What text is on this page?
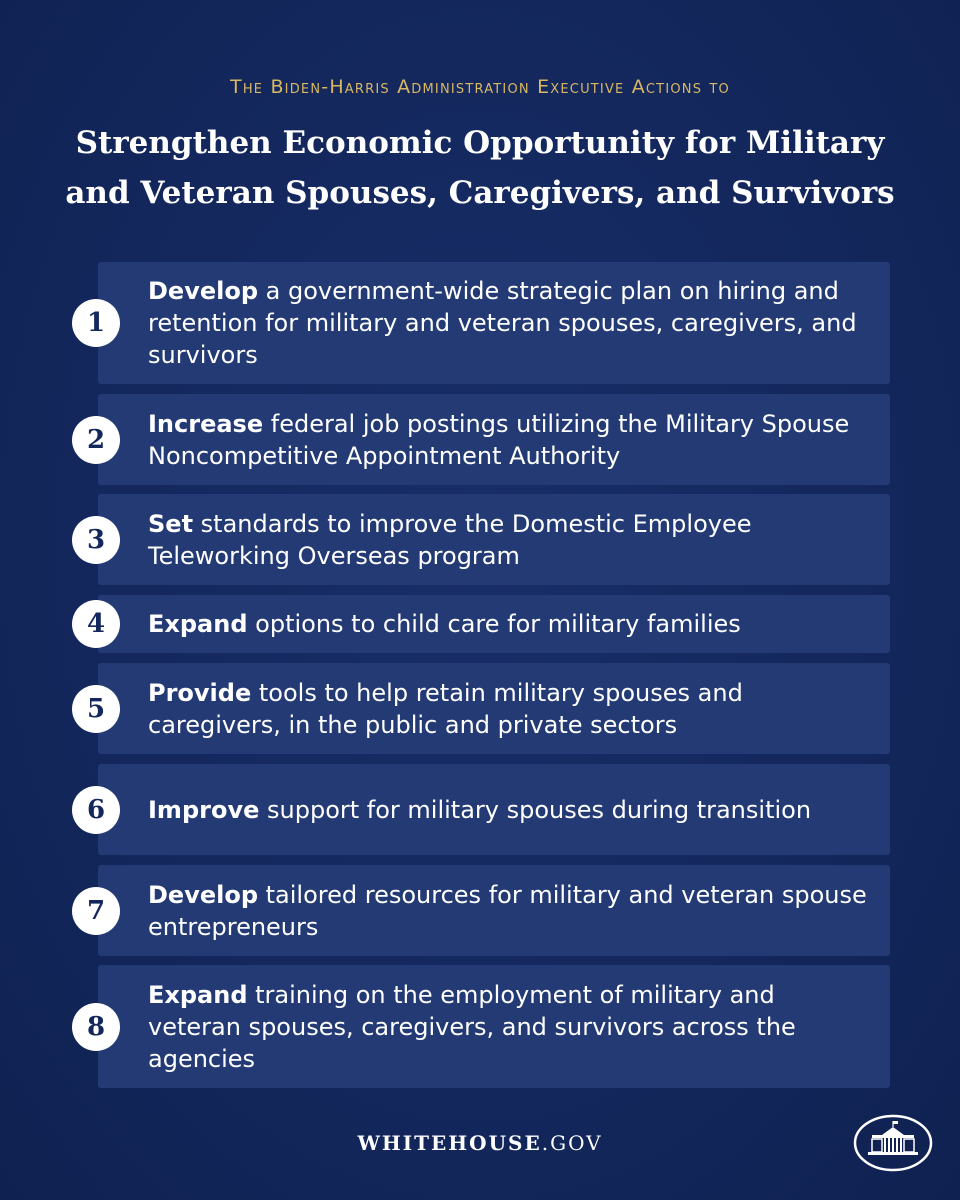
The Biden-Harris Administration Executive Actions to
Strengthen Economic Opportunity for Military
and Veteran Spouses, Caregivers, and Survivors
1
Develop a government-wide strategic plan on hiring and retention for military and veteran spouses, caregivers, and survivors
2
Increase federal job postings utilizing the Military Spouse Noncompetitive Appointment Authority
3
Set standards to improve the Domestic Employee Teleworking Overseas program
4	Expand options to child care for military families
5
Provide tools to help retain military spouses and caregivers, in the public and private sectors
6	Improve support for military spouses during transition
7
Develop tailored resources for military and veteran spouse entrepreneurs
8
Expand training on the employment of military and veteran spouses, caregivers, and survivors across the agencies
WHITEHOUSE.GOV
